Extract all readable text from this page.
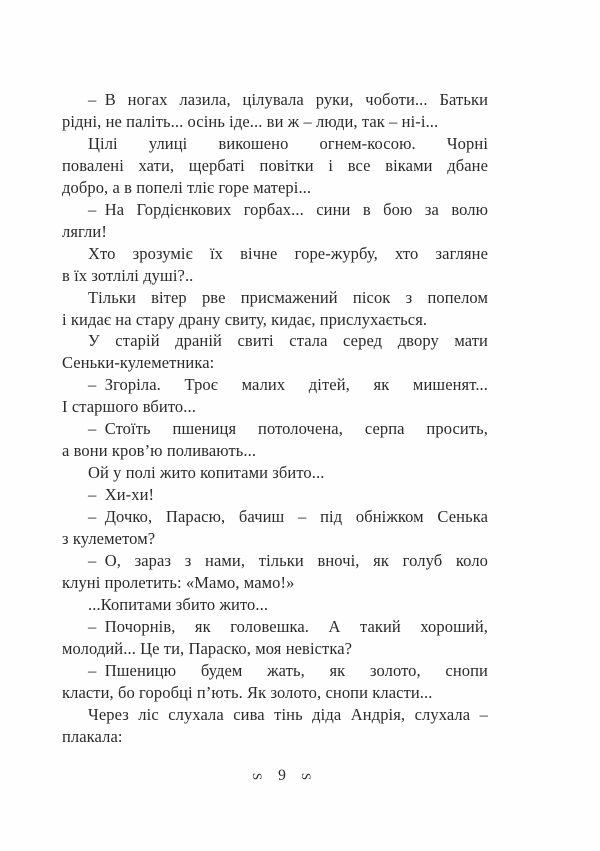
– В ногах лазила, цілувала руки, чоботи... Батьки
рідні, не паліть... осінь іде... ви ж – люди, так – ні-і...
Цілі улиці викошено огнем-косою. Чорні
повалені хати, щербаті повітки і все віками дбане
добро, а в попелі тліє горе матері...
– На Гордієнкових горбах... сини в бою за волю
лягли!
Хто зрозуміє їх вічне горе-журбу, хто загляне
в їх зотлілі душі?..
Тільки вітер рве присмажений пісок з попелом
і кидає на стару драну свиту, кидає, прислухається.
У старій драній свиті стала серед двору мати
Сеньки-кулеметника:
– Згоріла. Троє малих дітей, як мишенят...
І старшого вбито...
– Стоїть пшениця потолочена, серпа просить,
а вони кров’ю поливають...
Ой у полі жито копитами збито...
– Хи-хи!
– Дочко, Парасю, бачиш – під обніжком Сенька
з кулеметом?
– О, зараз з нами, тільки вночі, як голуб коло
клуні пролетить: «Мамо, мамо!»
...Копитами збито жито...
– Почорнів, як головешка. А такий хороший,
молодий... Це ти, Параско, моя невістка?
– Пшеницю будем жать, як золото, снопи
класти, бо горобці п’ють. Як золото, снопи класти...
Через ліс слухала сива тінь діда Андрія, слухала –
плакала:
S 9 S
